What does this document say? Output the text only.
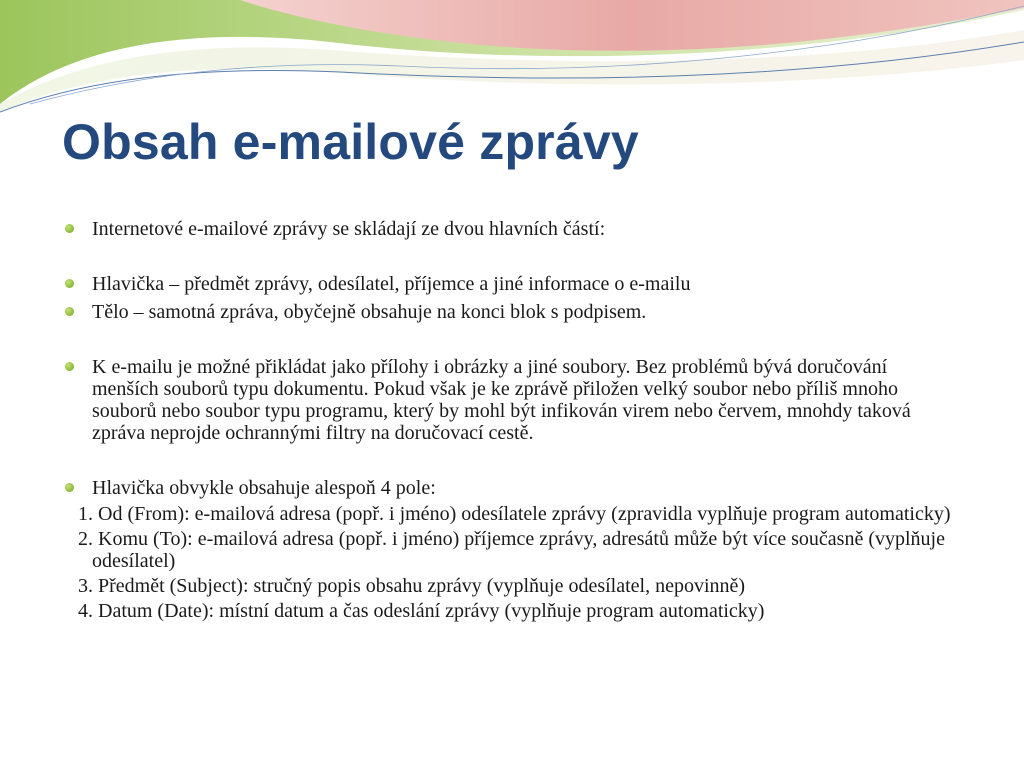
Obsah e-mailové zprávy
Internetové e-mailové zprávy se skládají ze dvou hlavních částí:
Hlavička – předmět zprávy, odesílatel, příjemce a jiné informace o e-mailu
Tělo – samotná zpráva, obyčejně obsahuje na konci blok s podpisem.
K e-mailu je možné přikládat jako přílohy i obrázky a jiné soubory. Bez problémů bývá doručování menších souborů typu dokumentu. Pokud však je ke zprávě přiložen velký soubor nebo příliš mnoho souborů nebo soubor typu programu, který by mohl být infikován virem nebo červem, mnohdy taková zpráva neprojde ochrannými filtry na doručovací cestě.
Hlavička obvykle obsahuje alespoň 4 pole:
1. Od (From): e-mailová adresa (popř. i jméno) odesílatele zprávy (zpravidla vyplňuje program automaticky)
2. Komu (To): e-mailová adresa (popř. i jméno) příjemce zprávy, adresátů může být více současně (vyplňuje odesílatel)
3. Předmět (Subject): stručný popis obsahu zprávy (vyplňuje odesílatel, nepovinně)
4. Datum (Date): místní datum a čas odeslání zprávy (vyplňuje program automaticky)
